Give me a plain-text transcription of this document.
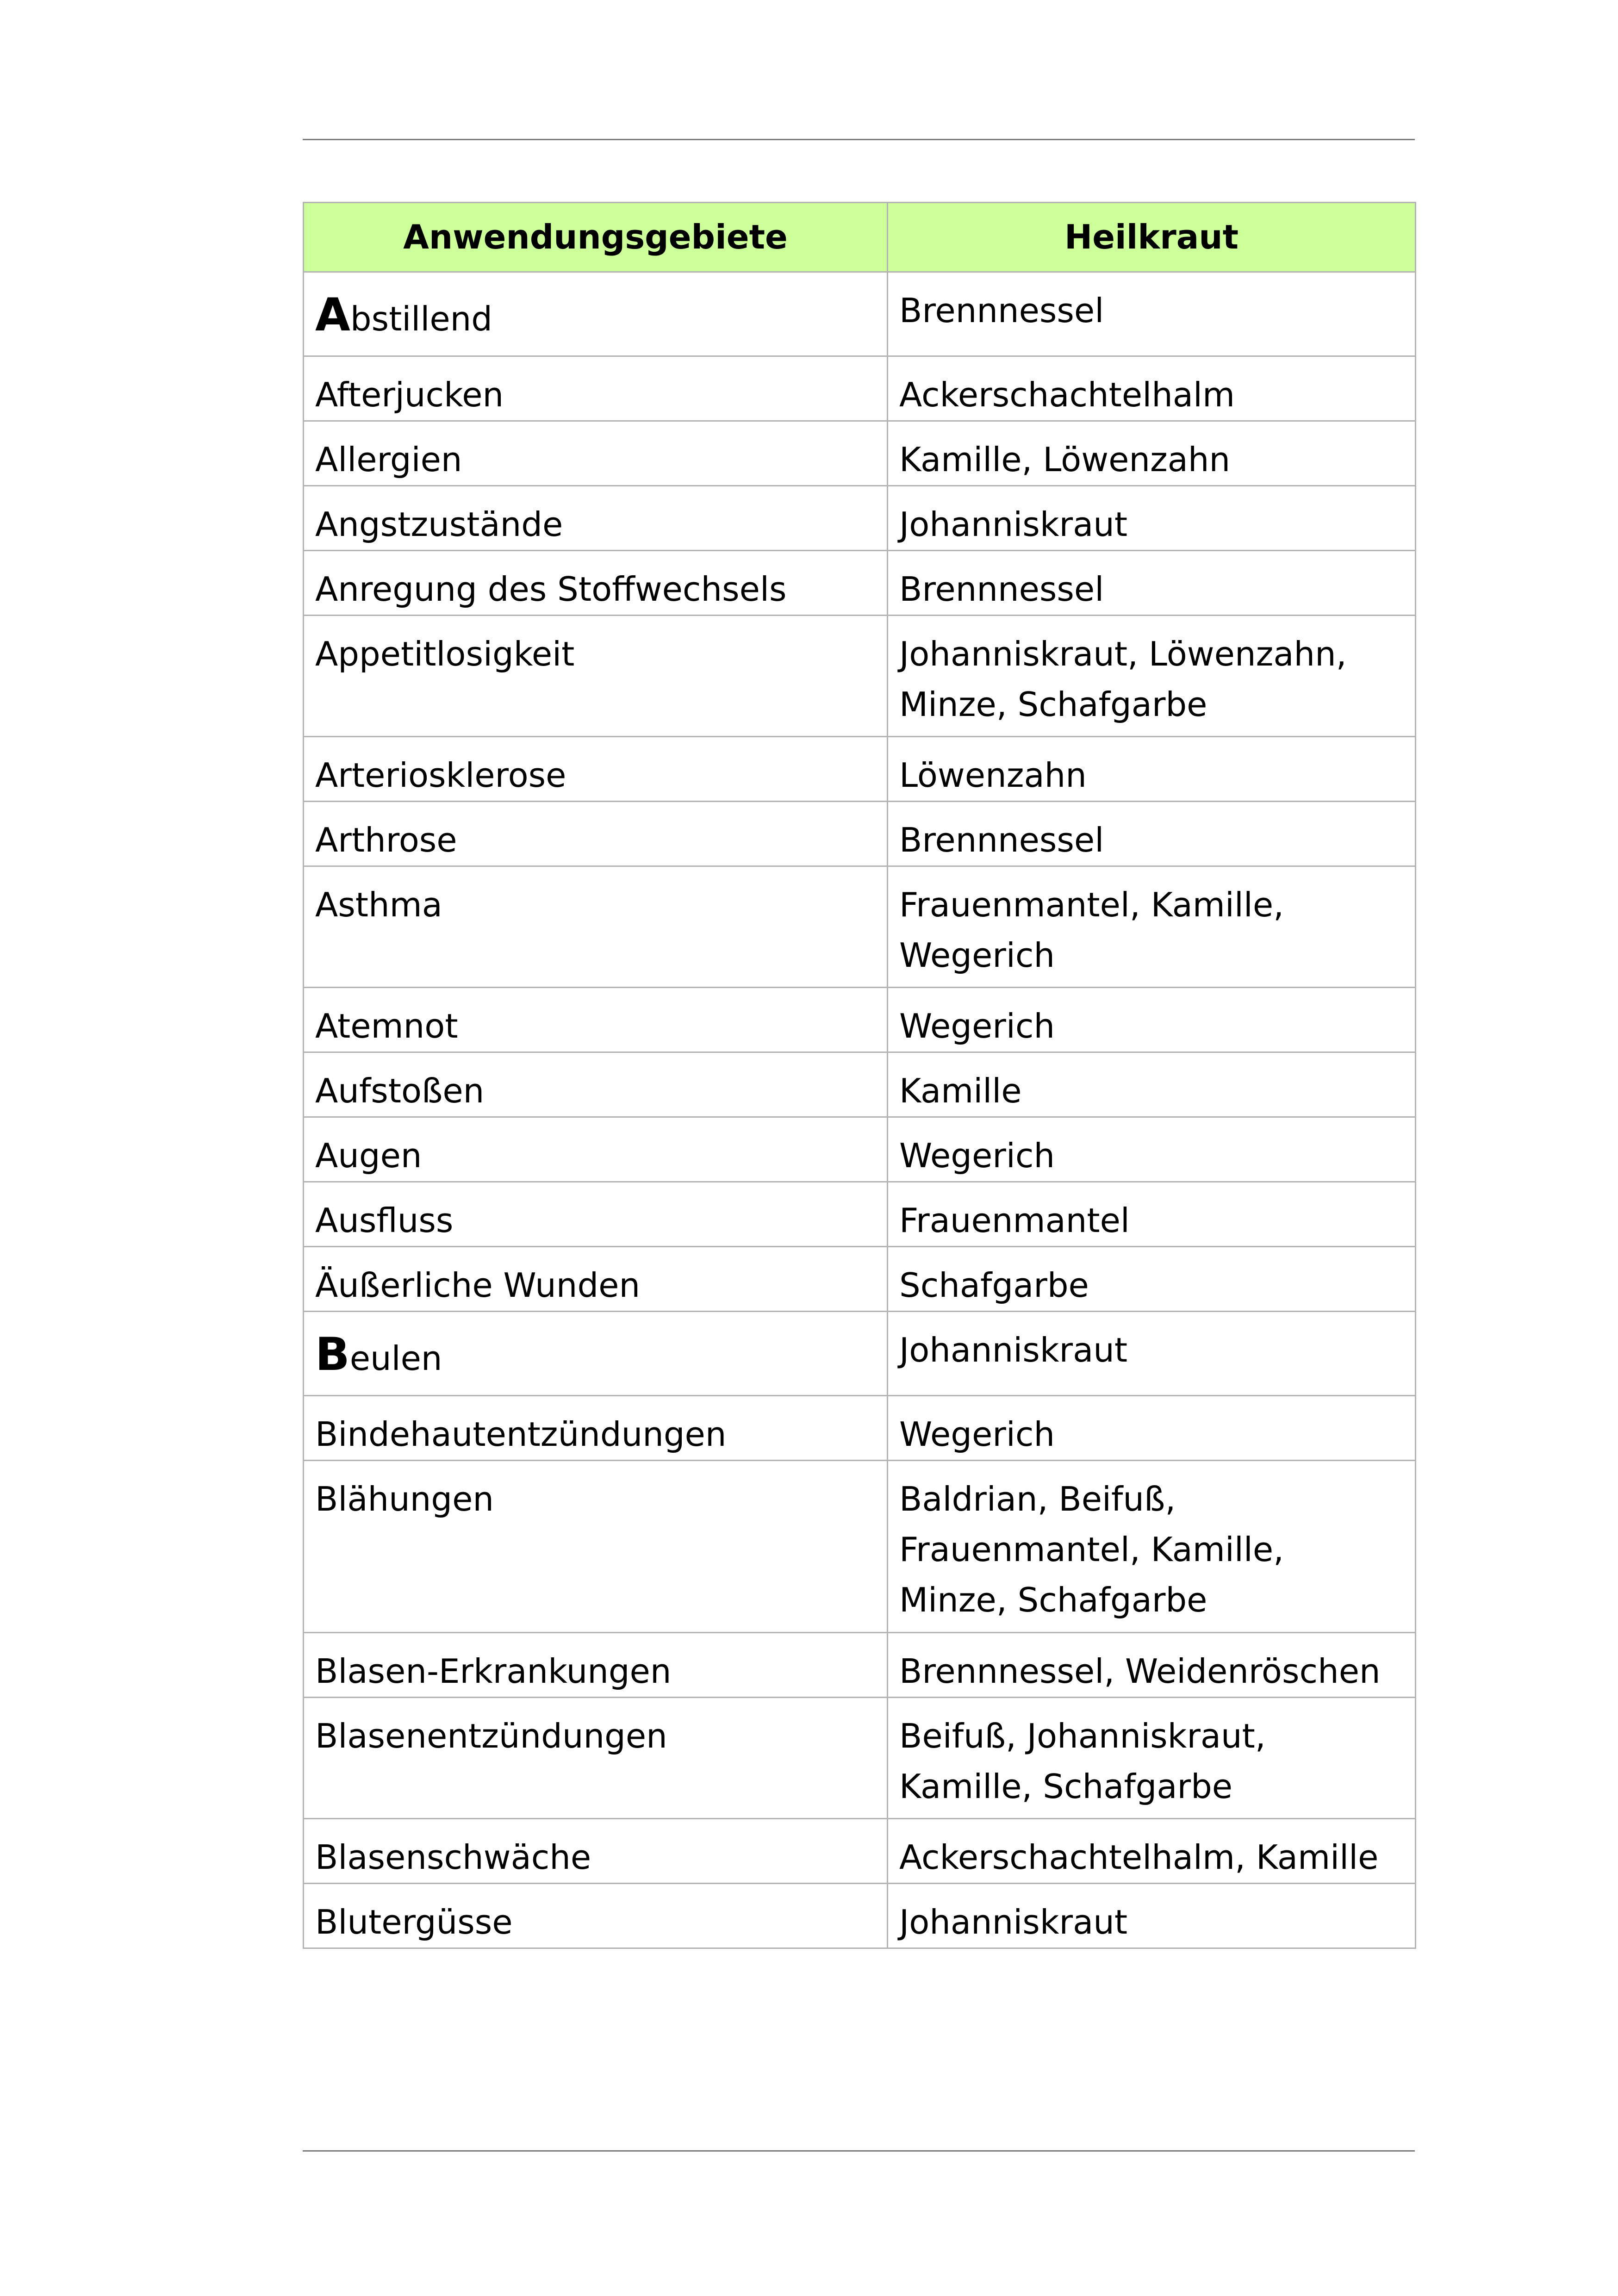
Anwendungsgebiete	Heilkraut
Abstillend	Brennnessel
Afterjucken	Ackerschachtelhalm
Allergien	Kamille, Löwenzahn
Angstzustände	Johanniskraut
Anregung des Stoffwechsels	Brennnessel
Appetitlosigkeit	Johanniskraut, Löwenzahn,
Minze, Schafgarbe

Arteriosklerose	Löwenzahn
Arthrose	Brennnessel
Asthma	Frauenmantel, Kamille,
Wegerich

Atemnot	Wegerich
Aufstoßen	Kamille
Augen	Wegerich
Ausfluss	Frauenmantel
Äußerliche Wunden	Schafgarbe
Beulen	Johanniskraut
Bindehautentzündungen	Wegerich
Blähungen	Baldrian, Beifuß,
Frauenmantel, Kamille,
Minze, Schafgarbe

Blasen-Erkrankungen	Brennnessel, Weidenröschen
Blasenentzündungen	Beifuß, Johanniskraut,
Kamille, Schafgarbe

Blasenschwäche	Ackerschachtelhalm, Kamille
Blutergüsse	Johanniskraut
